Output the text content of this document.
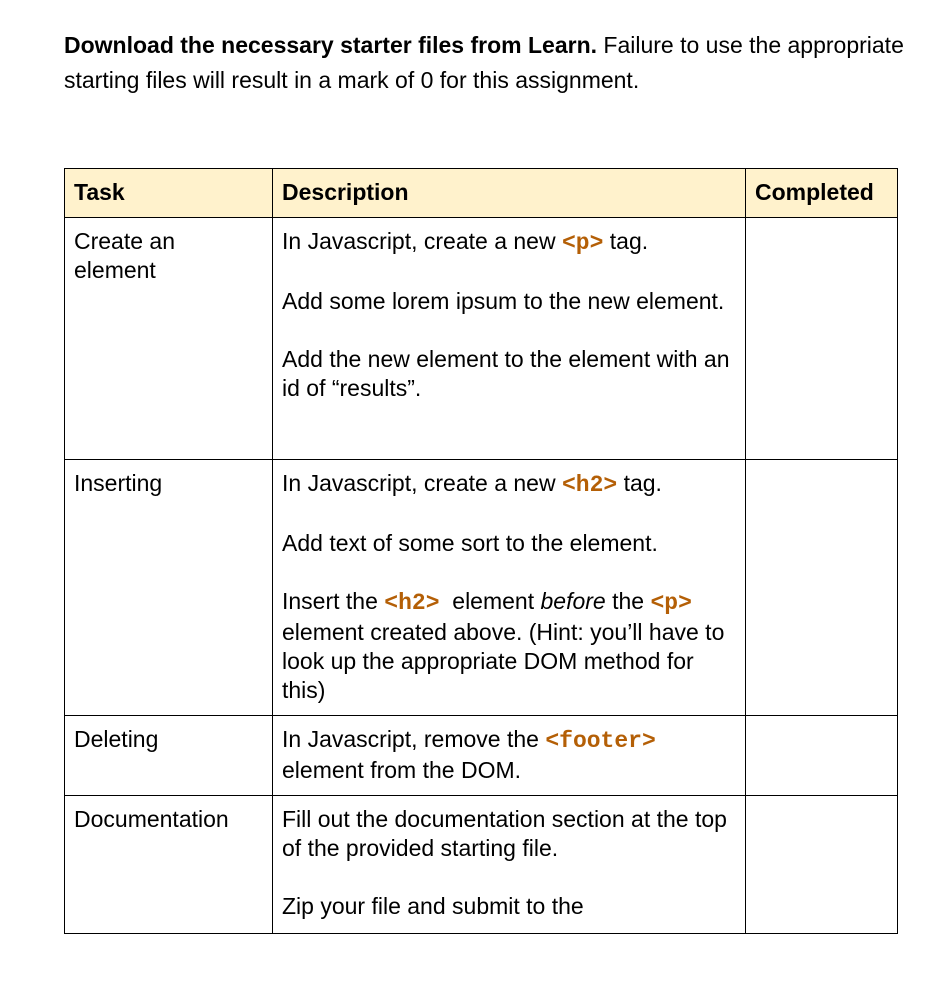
Download the necessary starter files from Learn. Failure to use the appropriate starting files will result in a mark of 0 for this assignment.
Task	Description	Completed
Create an element	In Javascript, create a new <p> tag.

Add some lorem ipsum to the new element.

Add the new element to the element with an id of “results”.	

Inserting	In Javascript, create a new <h2> tag.

Add text of some sort to the element.

Insert the <h2>  element before the <p> element created above. (Hint: you’ll have to look up the appropriate DOM method for this)	

Deleting	In Javascript, remove the <footer> element from the DOM.	

Documentation	Fill out the documentation section at the top of the provided starting file.

Zip your file and submit to the	
